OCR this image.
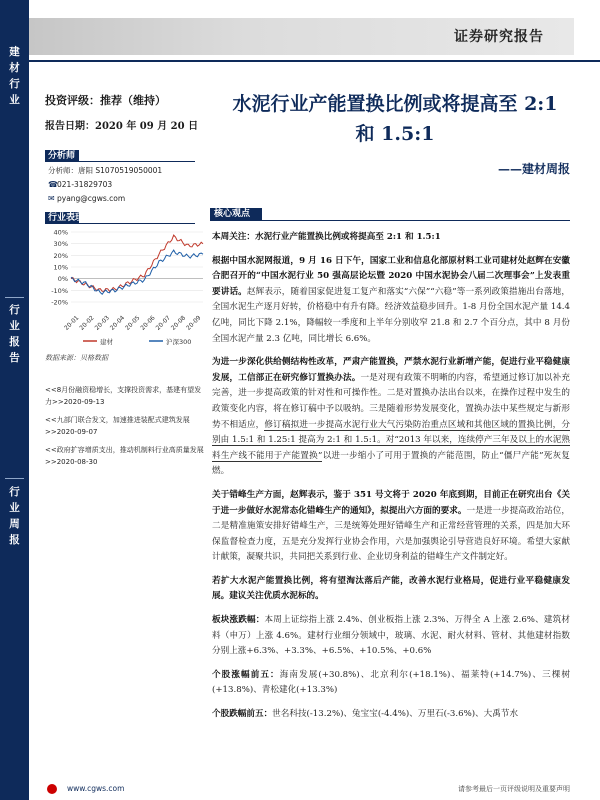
建
材
行
业
行
业
报
告
行
业
周
报
证券研究报告
投资评级：推荐（维持）
报告日期：2020 年 09 月 20 日
分析师
分析师：唐阳 S1070519050001
☎021-31829703
✉ pyang@cgws.com
行业表现
40%
30%
20%
10%
0%
-10%
-20%
20-01
20-02
20-03
20-04
20-05
20-06
20-07
20-08
20-09
建材	沪深300
数据来源：贝格数据
<<8月份融资稳增长，支撑投资需求，基建有望发力>>2020-09-13
<<九部门联合发文，加速推进装配式建筑发展>>2020-09-07
<<政府扩容增质支出，推动机制料行业高质量发展>>2020-08-30
水泥行业产能置换比例或将提高至 2:1
和 1.5:1
——建材周报
核心观点

本周关注：水泥行业产能置换比例或将提高至 2:1 和 1.5:1

根据中国水泥网报道，9 月 16 日下午，国家工业和信息化部原材料工业司建材处赵辉在安徽合肥召开的“中国水泥行业 50 强高层论坛暨 2020 中国水泥协会八届二次理事会”上发表重要讲话。赵辉表示，随着国家促进复工复产和落实“六保”“六稳”等一系列政策措施出台落地，全国水泥生产逐月好转，价格稳中有升有降。经济效益稳步回升。1-8 月份全国水泥产量 14.4 亿吨，同比下降 2.1%，降幅较一季度和上半年分别收窄 21.8 和 2.7 个百分点，其中 8 月份全国水泥产量 2.3 亿吨，同比增长 6.6%。

为进一步深化供给侧结构性改革，严肃产能置换，严禁水泥行业新增产能，促进行业平稳健康发展，工信部正在研究修订置换办法。一是对现有政策不明晰的内容，希望通过修订加以补充完善，进一步提高政策的针对性和可操作性。二是对置换办法出台以来，在操作过程中发生的政策变化内容，将在修订稿中予以吸纳。三是随着形势发展变化，置换办法中某些规定与新形势不相适应，修订稿拟进一步提高水泥行业大气污染防治重点区域和其他区域的置换比例，分别由 1.5:1 和 1.25:1 提高为 2:1 和 1.5:1。对“2013 年以来，连续停产三年及以上的水泥熟料生产线不能用于产能置换”以进一步缩小了可用于置换的产能范围，防止“僵尸产能”死灰复燃。

关于错峰生产方面，赵辉表示，鉴于 351 号文将于 2020 年底到期，目前正在研究出台《关于进一步做好水泥常态化错峰生产的通知》，拟提出六方面的要求。一是进一步提高政治站位，二是精准施策安排好错峰生产，三是统筹处理好错峰生产和正常经营管理的关系，四是加大环保监督检查力度，五是充分发挥行业协会作用，六是加强舆论引导营造良好环境。希望大家献计献策，凝聚共识，共同把关系到行业、企业切身利益的错峰生产文件制定好。

若扩大水泥产能置换比例，将有望淘汰落后产能，改善水泥行业格局，促进行业平稳健康发展。建议关注优质水泥标的。

板块涨跌幅：本周上证综指上涨 2.4%、创业板指上涨 2.3%、万得全 A 上涨 2.6%、建筑材料（申万）上涨 4.6%。建材行业细分领域中，玻璃、水泥、耐火材料、管材、其他建材指数分别上涨+6.3%、+3.3%、+6.5%、+10.5%、+0.6%

个股涨幅前五：海南发展(+30.8%)、北京利尔(+18.1%)、福莱特(+14.7%)、三棵树(+13.8%)、青松建化(+13.3%)

个股跌幅前五：世名科技(-13.2%)、兔宝宝(-4.4%)、万里石(-3.6%)、大禹节水

www.cgws.com	请参考最后一页评级说明及重要声明
